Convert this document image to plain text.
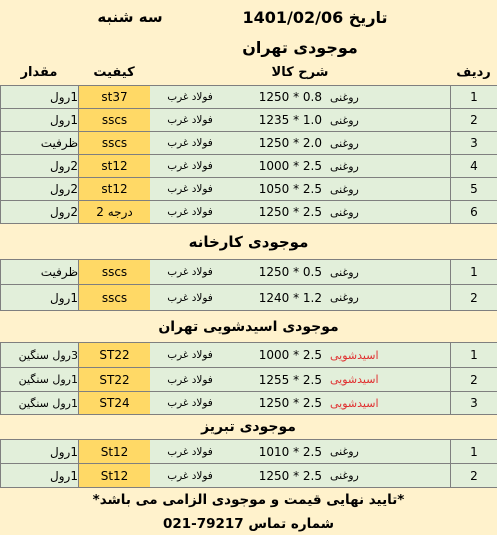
تاریخ 1401/02/06
سه شنبه
موجودی تهران
ردیف
شرح کالا
کیفیت
مقدار
1
روغنی
1250 * 0.8
فولاد غرب
st37
1رول
2
روغنی
1235 * 1.0
فولاد غرب
sscs
1رول
3
روغنی
1250 * 2.0
فولاد غرب
sscs
ظرفیت
4
روغنی
1000 * 2.5
فولاد غرب
st12
2رول
5
روغنی
1050 * 2.5
فولاد غرب
st12
2رول
6
روغنی
1250 * 2.5
فولاد غرب
درجه 2
2رول
موجودی کارخانه
1
روغنی
1250 * 0.5
فولاد غرب
sscs
ظرفیت
2
روغنی
1240 * 1.2
فولاد غرب
sscs
1رول
موجودی اسیدشویی تهران
1
اسیدشویی
1000 * 2.5
فولاد غرب
ST22
3رول سنگین
2
اسیدشویی
1255 * 2.5
فولاد غرب
ST22
1رول سنگین
3
اسیدشویی
1250 * 2.5
فولاد غرب
ST24
1رول سنگین
موجودی تبریز
1
روغنی
1010 * 2.5
فولاد غرب
St12
1رول
2
روغنی
1250 * 2.5
فولاد غرب
St12
1رول
*تایید نهایی قیمت و موجودی الزامی می باشد*
شماره تماس 79217-021
